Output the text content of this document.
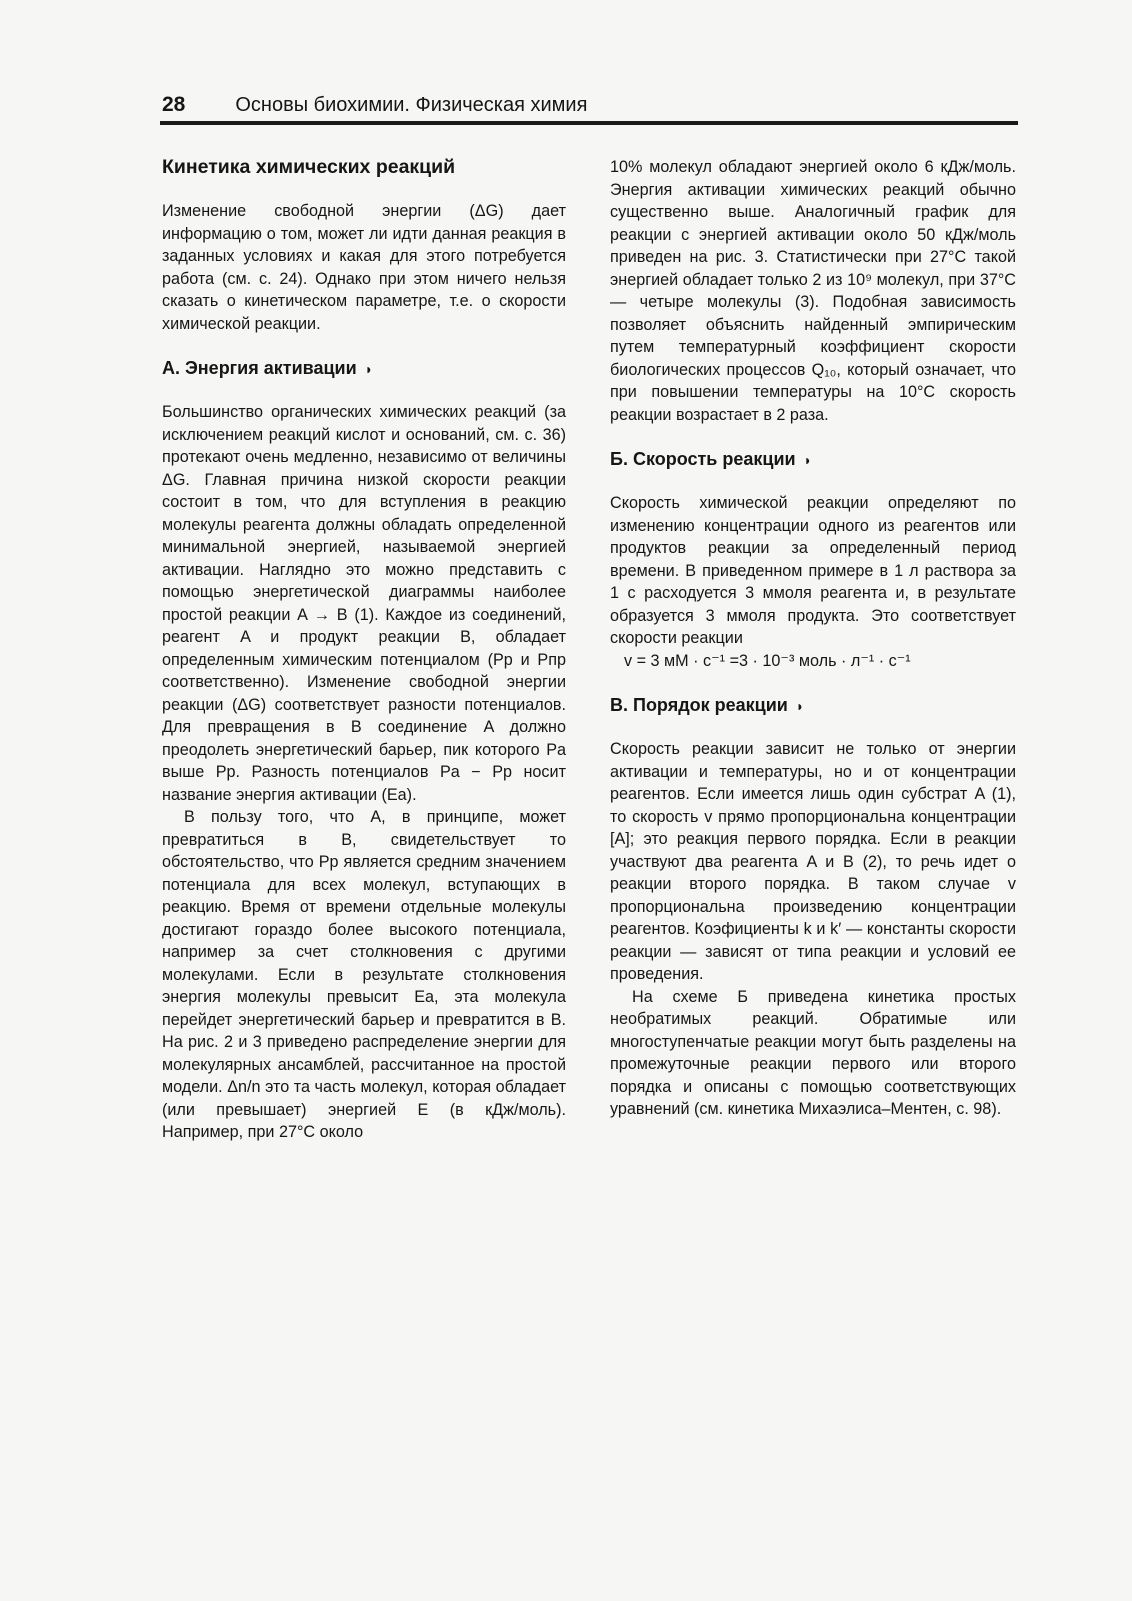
28	Основы биохимии. Физическая химия
Кинетика химических реакций

Изменение свободной энергии (ΔG) дает информацию о том, может ли идти данная реакция в заданных условиях и какая для этого потребуется работа (см. с. 24). Однако при этом ничего нельзя сказать о кинетическом параметре, т.е. о скорости химической реакции.

А. Энергия активации ◗

Большинство органических химических реакций (за исключением реакций кислот и оснований, см. с. 36) протекают очень медленно, независимо от величины ΔG. Главная причина низкой скорости реакции состоит в том, что для вступления в реакцию молекулы реагента должны обладать определенной минимальной энергией, называемой энергией активации. Наглядно это можно представить с помощью энергетической диаграммы наиболее простой реакции A → B (1). Каждое из соединений, реагент A и продукт реакции B, обладает определенным химическим потенциалом (Pр и Pпр соответственно). Изменение свободной энергии реакции (ΔG) соответствует разности потенциалов. Для превращения в B соединение A должно преодолеть энергетический барьер, пик которого Pа выше Pр. Разность потенциалов Pа − Pр носит название энергия активации (Eа).

В пользу того, что A, в принципе, может превратиться в B, свидетельствует то обстоятельство, что Pр является средним значением потенциала для всех молекул, вступающих в реакцию. Время от времени отдельные молекулы достигают гораздо более высокого потенциала, например за счет столкновения с другими молекулами. Если в результате столкновения энергия молекулы превысит Eа, эта молекула перейдет энергетический барьер и превратится в B. На рис. 2 и 3 приведено распределение энергии для молекулярных ансамблей, рассчитанное на простой модели. Δn/n это та часть молекул, которая обладает (или превышает) энергией E (в кДж/моль). Например, при 27°С около

10% молекул обладают энергией около 6 кДж/моль. Энергия активации химических реакций обычно существенно выше. Аналогичный график для реакции с энергией активации около 50 кДж/моль приведен на рис. 3. Статистически при 27°С такой энергией обладает только 2 из 10⁹ молекул, при 37°С — четыре молекулы (3). Подобная зависимость позволяет объяснить найденный эмпирическим путем температурный коэффициент скорости биологических процессов Q₁₀, который означает, что при повышении температуры на 10°С скорость реакции возрастает в 2 раза.

Б. Скорость реакции ◗

Скорость химической реакции определяют по изменению концентрации одного из реагентов или продуктов реакции за определенный период времени. В приведенном примере в 1 л раствора за 1 с расходуется 3 ммоля реагента и, в результате образуется 3 ммоля продукта. Это соответствует скорости реакции

v = 3 мМ · с⁻¹ =3 · 10⁻³ моль · л⁻¹ · с⁻¹

В. Порядок реакции ◗

Скорость реакции зависит не только от энергии активации и температуры, но и от концентрации реагентов. Если имеется лишь один субстрат A (1), то скорость v прямо пропорциональна концентрации [A]; это реакция первого порядка. Если в реакции участвуют два реагента A и B (2), то речь идет о реакции второго порядка. В таком случае v пропорциональна произведению концентрации реагентов. Коэфициенты k и k′ — константы скорости реакции — зависят от типа реакции и условий ее проведения.

На схеме Б приведена кинетика простых необратимых реакций. Обратимые или многоступенчатые реакции могут быть разделены на промежуточные реакции первого или второго порядка и описаны с помощью соответствующих уравнений (см. кинетика Михаэлиса–Ментен, с. 98).
